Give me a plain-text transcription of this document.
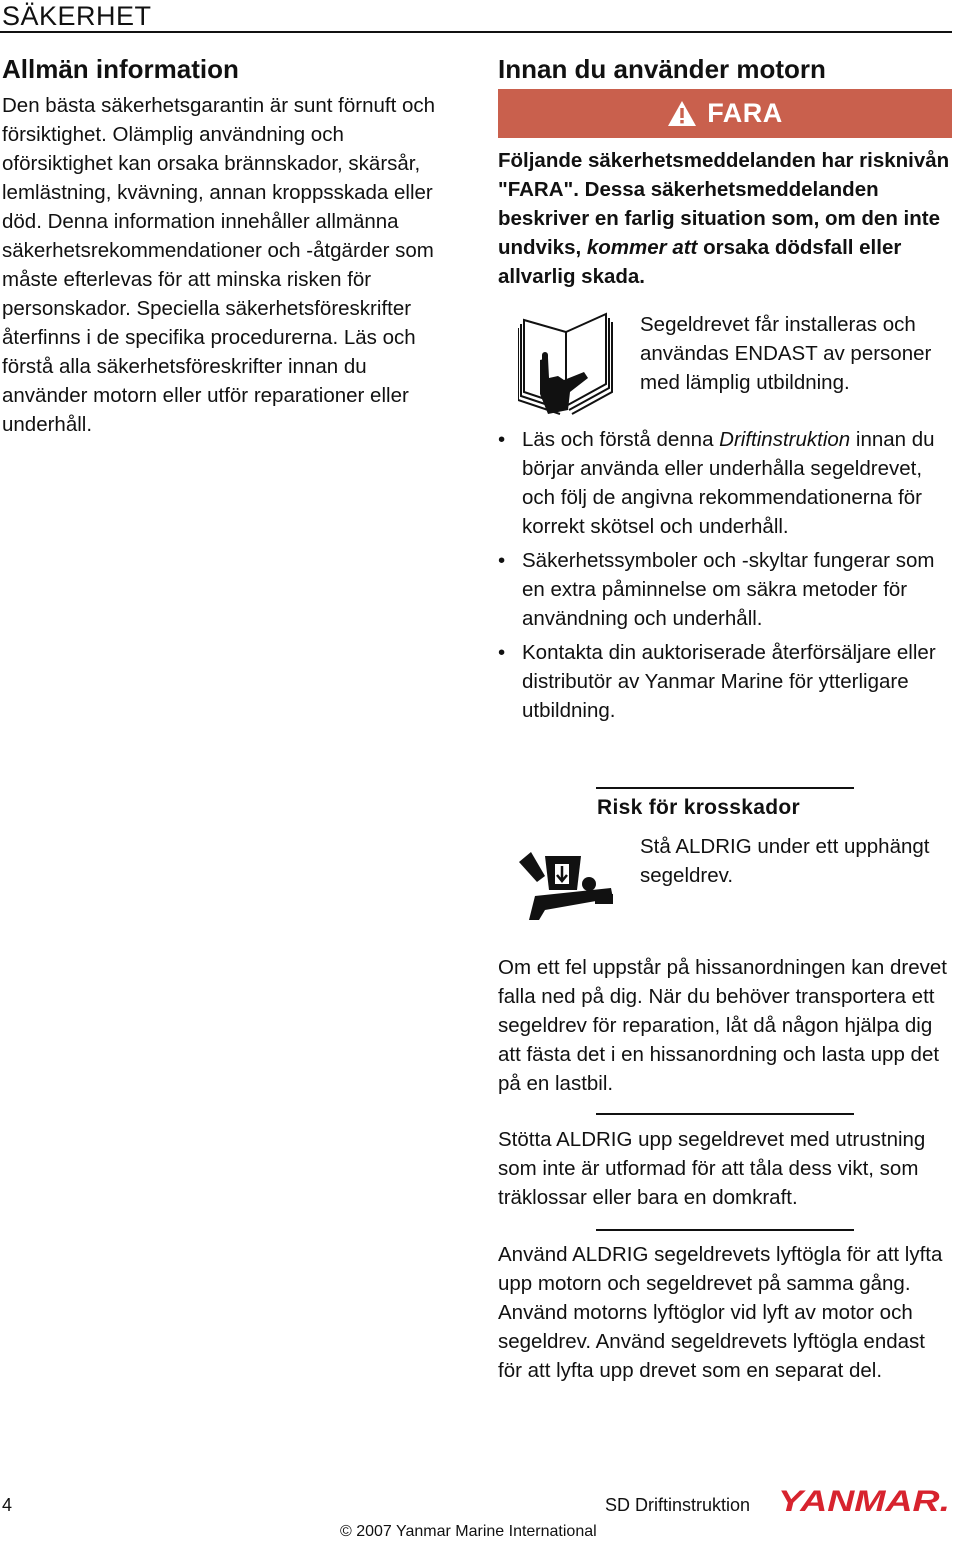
SÄKERHET
Allmän information

Den bästa säkerhetsgarantin är sunt förnuft och försiktighet. Olämplig användning och oförsiktighet kan orsaka brännskador, skärsår, lemlästning, kvävning, annan kroppsskada eller död. Denna information innehåller allmänna säkerhetsrekommendationer och -åtgärder som måste efterlevas för att minska risken för personskador. Speciella säkerhetsföreskrifter återfinns i de specifika procedurerna. Läs och förstå alla säkerhetsföreskrifter innan du använder motorn eller utför reparationer eller underhåll.

Innan du använder motorn
FARA

Följande säkerhetsmeddelanden har risknivån "FARA". Dessa säkerhetsmeddelanden beskriver en farlig situation som, om den inte undviks, kommer att orsaka dödsfall eller allvarlig skada.

Segeldrevet får installeras och användas ENDAST av personer med lämplig utbildning.

• Läs och förstå denna Driftinstruktion innan du börjar använda eller underhålla segeldrevet, och följ de angivna rekommendationerna för korrekt skötsel och underhåll.
• Säkerhetssymboler och -skyltar fungerar som en extra påminnelse om säkra metoder för användning och underhåll.
• Kontakta din auktoriserade återförsäljare eller distributör av Yanmar Marine för ytterligare utbildning.
Risk för krosskador

Stå ALDRIG under ett upphängt segeldrev.

Om ett fel uppstår på hissanordningen kan drevet falla ned på dig. När du behöver transportera ett segeldrev för reparation, låt då någon hjälpa dig att fästa det i en hissanordning och lasta upp det på en lastbil.

Stötta ALDRIG upp segeldrevet med utrustning som inte är utformad för att tåla dess vikt, som träklossar eller bara en domkraft.

Använd ALDRIG segeldrevets lyftögla för att lyfta upp motorn och segeldrevet på samma gång. Använd motorns lyftöglor vid lyft av motor och segeldrev. Använd segeldrevets lyftögla endast för att lyfta upp drevet som en separat del.

4	SD Driftinstruktion
© 2007 Yanmar Marine International
YANMAR.
